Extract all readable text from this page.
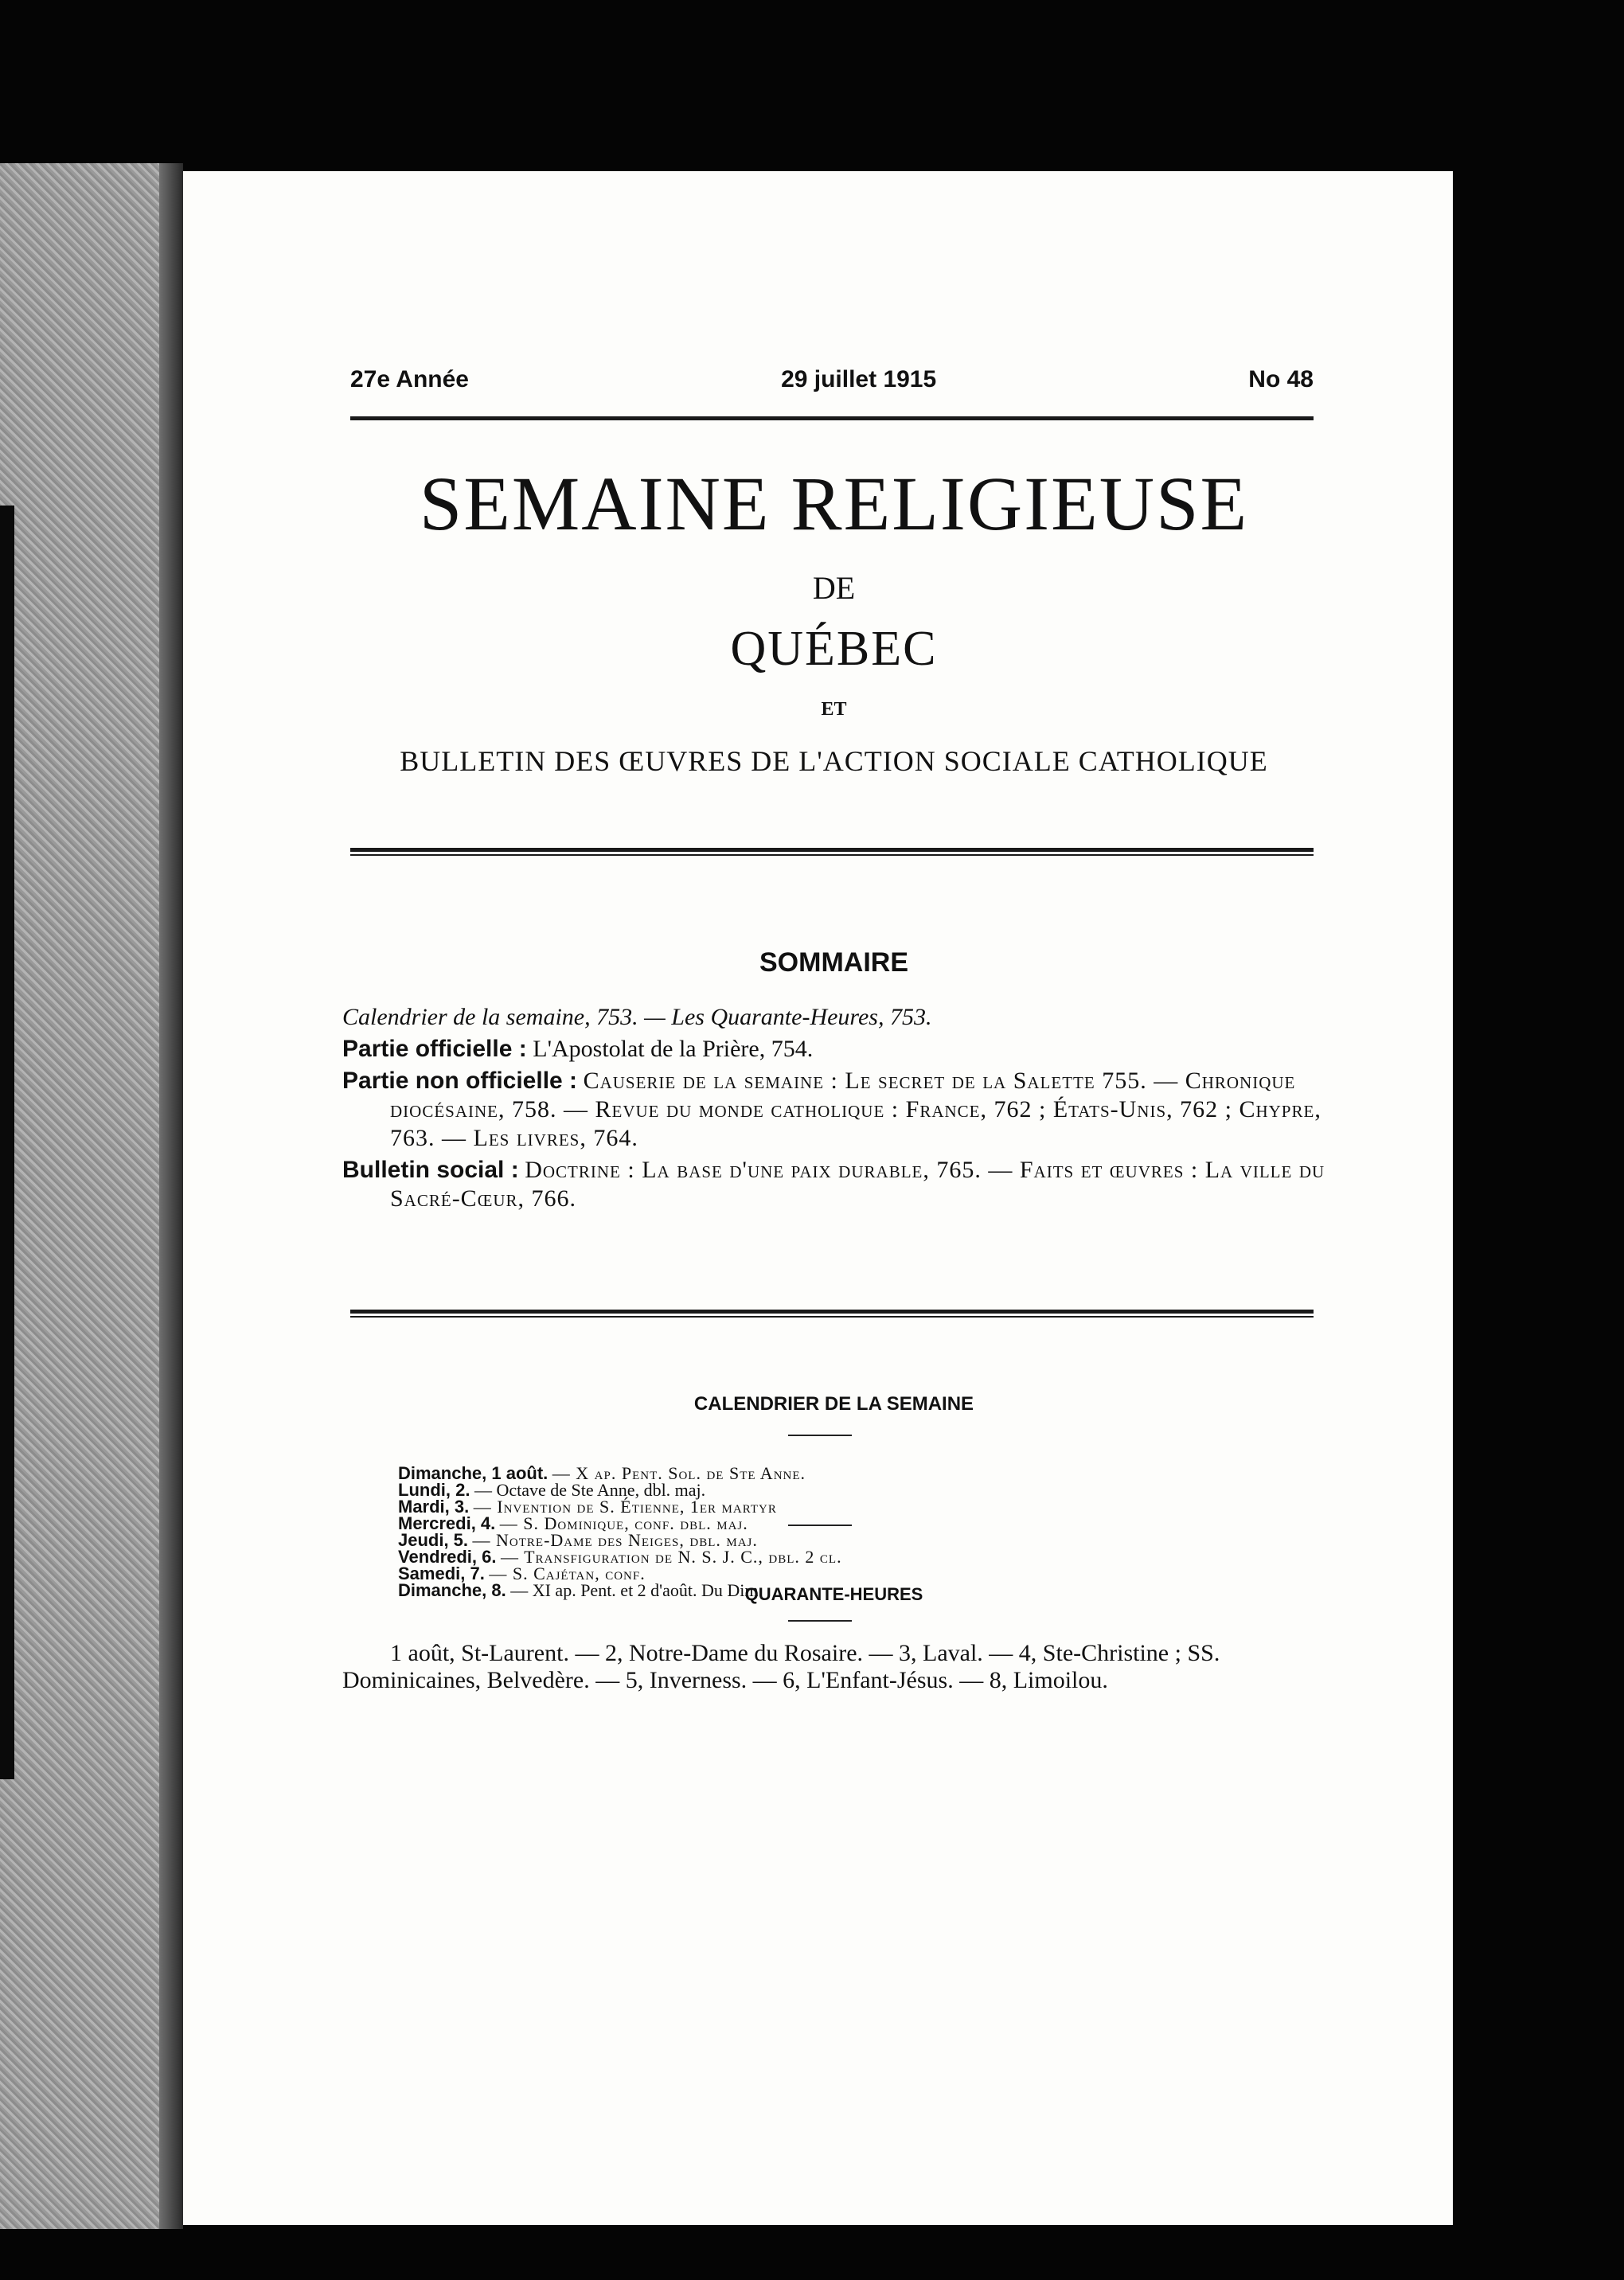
27e Année	29 juillet 1915	No 48
SEMAINE RELIGIEUSE
DE
QUÉBEC
ET
BULLETIN DES ŒUVRES DE L'ACTION SOCIALE CATHOLIQUE
SOMMAIRE

Calendrier de la semaine, 753. — Les Quarante-Heures, 753.

Partie officielle : L'Apostolat de la Prière, 754.

Partie non officielle : Causerie de la semaine : Le secret de la Salette 755. — Chronique diocésaine, 758. — Revue du monde catholique : France, 762 ; États-Unis, 762 ; Chypre, 763. — Les livres, 764.

Bulletin social : Doctrine : La base d'une paix durable, 765. — Faits et œuvres : La ville du Sacré-Cœur, 766.

CALENDRIER DE LA SEMAINE
Dimanche, 1 août. — X ap. Pent. Sol. de Ste Anne.
Lundi, 2. — Octave de Ste Anne, dbl. maj.
Mardi, 3. — Invention de S. Étienne, 1er martyr
Mercredi, 4. — S. Dominique, conf. dbl. maj.
Jeudi, 5. — Notre-Dame des Neiges, dbl. maj.
Vendredi, 6. — Transfiguration de N. S. J. C., dbl. 2 cl.
Samedi, 7. — S. Cajétan, conf.
Dimanche, 8. — XI ap. Pent. et 2 d'août. Du Dim.
QUARANTE-HEURES
1 août, St-Laurent. — 2, Notre-Dame du Rosaire. — 3, Laval. — 4, Ste-Christine ; SS. Dominicaines, Belvedère. — 5, Inverness. — 6, L'Enfant-Jésus. — 8, Limoilou.
